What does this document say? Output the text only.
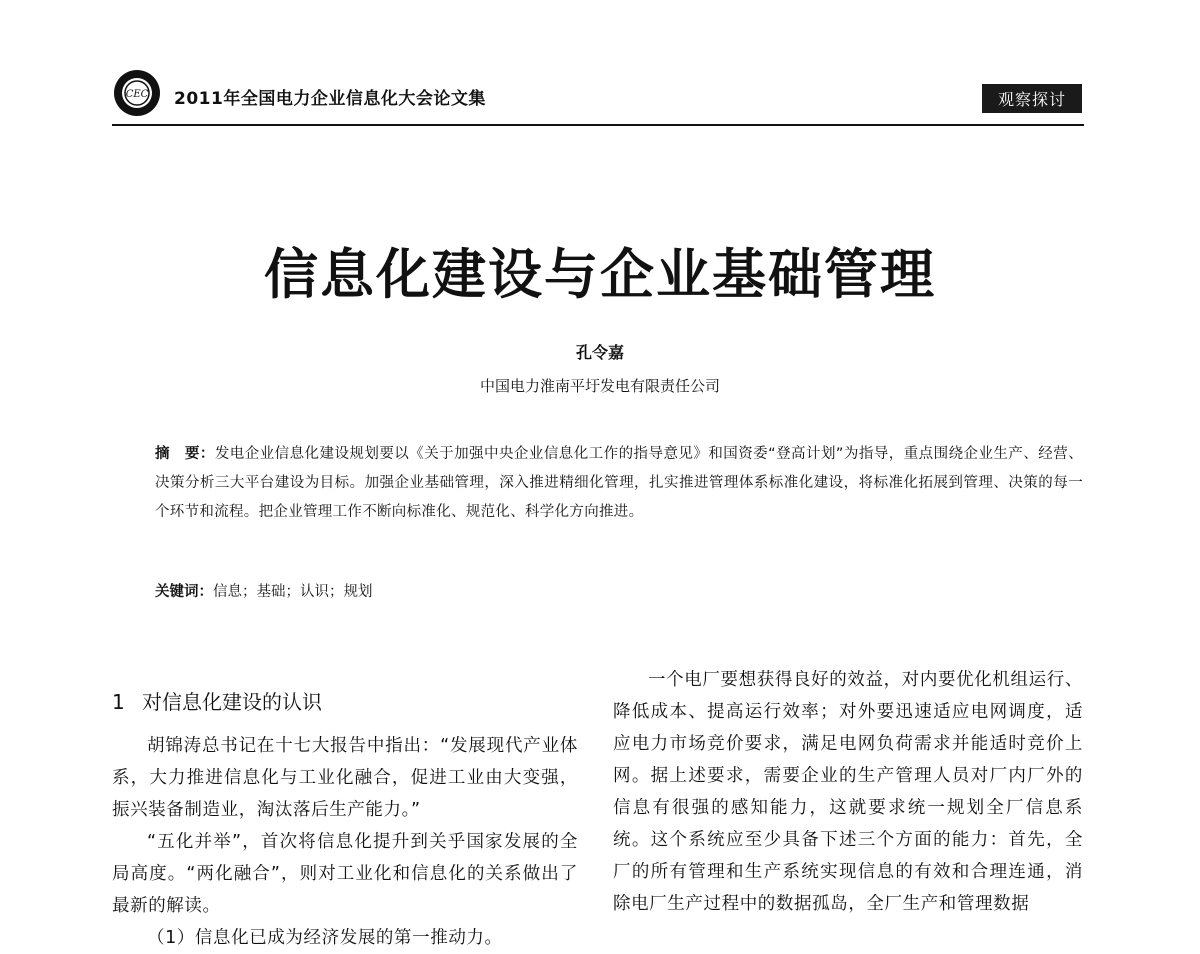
CEC 2011年全国电力企业信息化大会论文集	观察探讨
信息化建设与企业基础管理
孔令嘉
中国电力淮南平圩发电有限责任公司
摘　要：发电企业信息化建设规划要以《关于加强中央企业信息化工作的指导意见》和国资委“登高计划”为指导，重点围绕企业生产、经营、决策分析三大平台建设为目标。加强企业基础管理，深入推进精细化管理，扎实推进管理体系标准化建设，将标准化拓展到管理、决策的每一个环节和流程。把企业管理工作不断向标准化、规范化、科学化方向推进。
关键词：信息；基础；认识；规划
1 对信息化建设的认识

胡锦涛总书记在十七大报告中指出：“发展现代产业体系，大力推进信息化与工业化融合，促进工业由大变强，振兴装备制造业，淘汰落后生产能力。”

“五化并举”，首次将信息化提升到关乎国家发展的全局高度。“两化融合”，则对工业化和信息化的关系做出了最新的解读。

（1）信息化已成为经济发展的第一推动力。

一个电厂要想获得良好的效益，对内要优化机组运行、降低成本、提高运行效率；对外要迅速适应电网调度，适应电力市场竞价要求，满足电网负荷需求并能适时竞价上网。据上述要求，需要企业的生产管理人员对厂内厂外的信息有很强的感知能力，这就要求统一规划全厂信息系统。这个系统应至少具备下述三个方面的能力：首先，全厂的所有管理和生产系统实现信息的有效和合理连通，消除电厂生产过程中的数据孤岛，全厂生产和管理数据
